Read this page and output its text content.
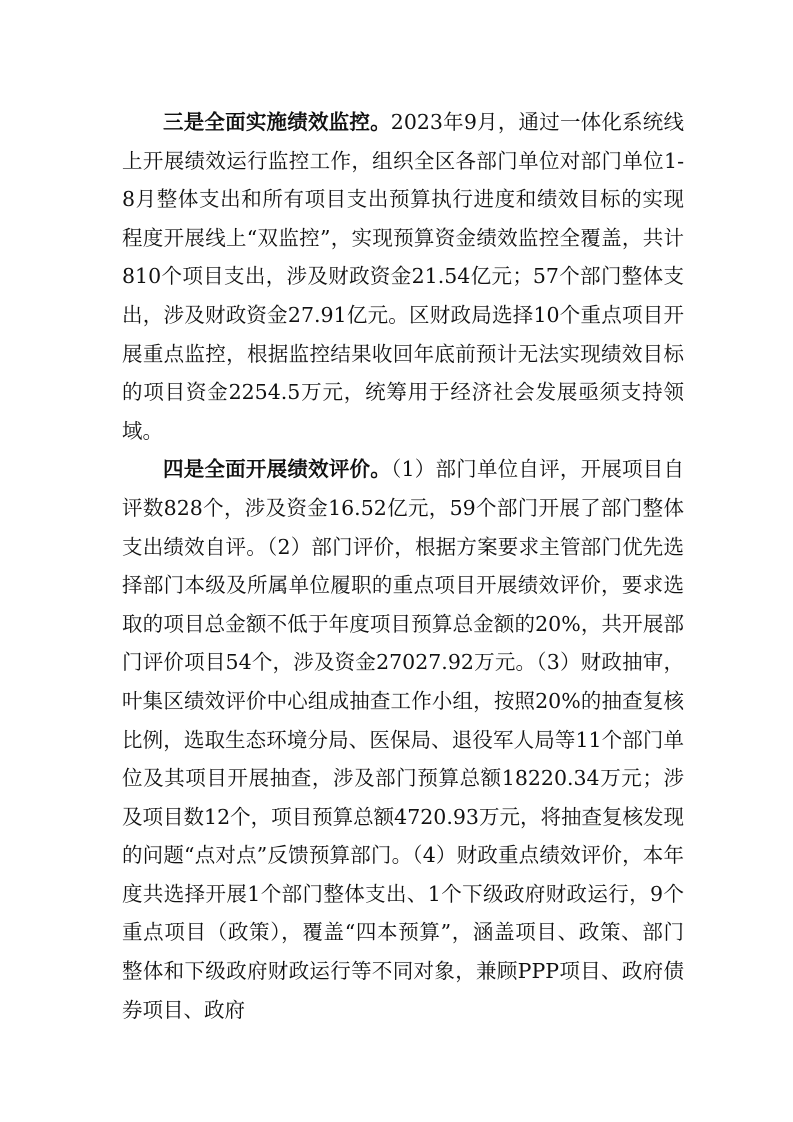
三是全面实施绩效监控。2023年9月，通过一体化系统线上开展绩效运行监控工作，组织全区各部门单位对部门单位1-8月整体支出和所有项目支出预算执行进度和绩效目标的实现程度开展线上“双监控”，实现预算资金绩效监控全覆盖，共计810个项目支出，涉及财政资金21.54亿元；57个部门整体支出，涉及财政资金27.91亿元。区财政局选择10个重点项目开展重点监控，根据监控结果收回年底前预计无法实现绩效目标的项目资金2254.5万元，统筹用于经济社会发展亟须支持领域。

四是全面开展绩效评价。（1）部门单位自评，开展项目自评数828个，涉及资金16.52亿元，59个部门开展了部门整体支出绩效自评。（2）部门评价，根据方案要求主管部门优先选择部门本级及所属单位履职的重点项目开展绩效评价，要求选取的项目总金额不低于年度项目预算总金额的20%，共开展部门评价项目54个，涉及资金27027.92万元。（3）财政抽审，叶集区绩效评价中心组成抽查工作小组，按照20%的抽查复核比例，选取生态环境分局、医保局、退役军人局等11个部门单位及其项目开展抽查，涉及部门预算总额18220.34万元；涉及项目数12个，项目预算总额4720.93万元，将抽查复核发现的问题“点对点”反馈预算部门。（4）财政重点绩效评价，本年度共选择开展1个部门整体支出、1个下级政府财政运行，9个重点项目（政策），覆盖“四本预算”，涵盖项目、政策、部门整体和下级政府财政运行等不同对象，兼顾PPP项目、政府债券项目、政府
